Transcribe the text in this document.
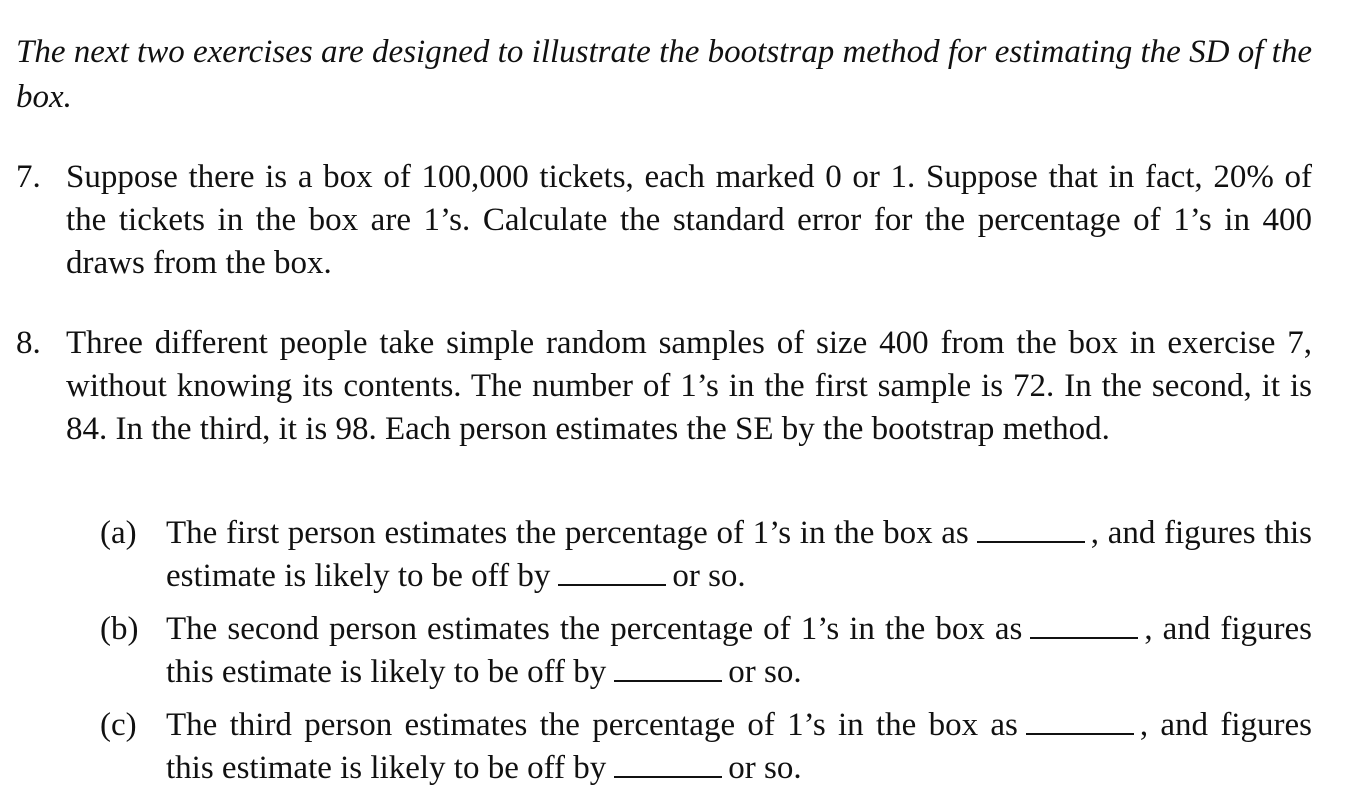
The next two exercises are designed to illustrate the bootstrap method for estimating the SD of the box.
7. Suppose there is a box of 100,000 tickets, each marked 0 or 1. Suppose that in fact, 20% of the tickets in the box are 1’s. Calculate the standard error for the percentage of 1’s in 400 draws from the box.
8. Three different people take simple random samples of size 400 from the box in exercise 7, without knowing its contents. The number of 1’s in the first sample is 72. In the second, it is 84. In the third, it is 98. Each person estimates the SE by the bootstrap method.
(a) The first person estimates the percentage of 1’s in the box as	, and figures this estimate is likely to be off by	or so.
(b) The second person estimates the percentage of 1’s in the box as	, and figures this estimate is likely to be off by	or so.
(c) The third person estimates the percentage of 1’s in the box as	, and figures this estimate is likely to be off by	or so.
